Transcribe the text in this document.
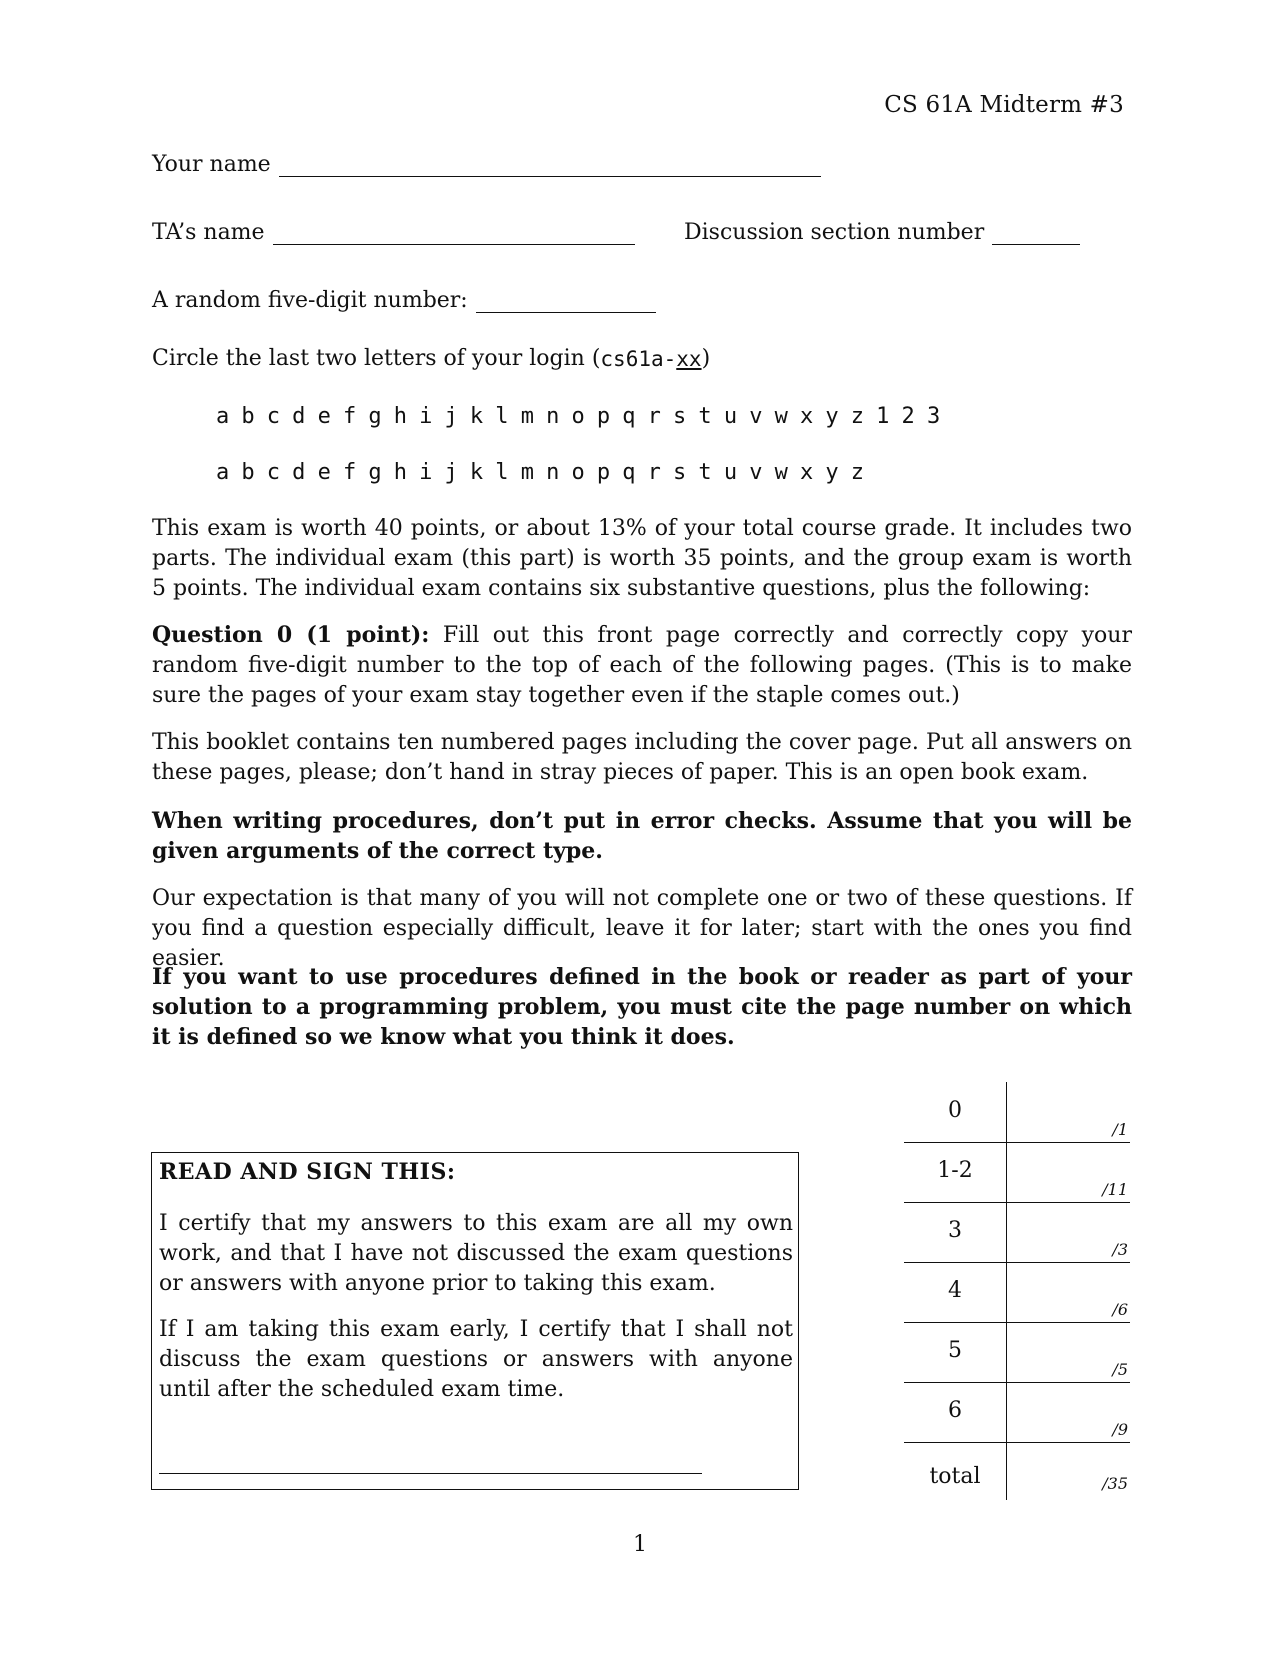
CS 61A Midterm #3
Your name
TA’s name	Discussion section number
A random five-digit number:
Circle the last two letters of your login ( cs61a- xx )
a b c d e f g h i j k l m n o p q r s t u v w x y z 1 2 3
a b c d e f g h i j k l m n o p q r s t u v w x y z
This exam is worth 40 points, or about 13% of your total course grade. It includes two parts. The individual exam (this part) is worth 35 points, and the group exam is worth 5 points. The individual exam contains six substantive questions, plus the following:
Question 0 (1 point): Fill out this front page correctly and correctly copy your random five-digit number to the top of each of the following pages. (This is to make sure the pages of your exam stay together even if the staple comes out.)
This booklet contains ten numbered pages including the cover page. Put all answers on these pages, please; don’t hand in stray pieces of paper. This is an open book exam.
When writing procedures, don’t put in error checks. Assume that you will be given arguments of the correct type.
Our expectation is that many of you will not complete one or two of these questions. If you find a question especially difficult, leave it for later; start with the ones you find easier.
If you want to use procedures defined in the book or reader as part of your solution to a programming problem, you must cite the page number on which it is defined so we know what you think it does.
READ AND SIGN THIS:
I certify that my answers to this exam are all my own work, and that I have not discussed the exam questions or answers with anyone prior to taking this exam.
If I am taking this exam early, I certify that I shall not discuss the exam questions or answers with anyone until after the scheduled exam time.
0
/1
1-2
/11
3
/3
4
/6
5
/5
6
/9
total	/35
1
